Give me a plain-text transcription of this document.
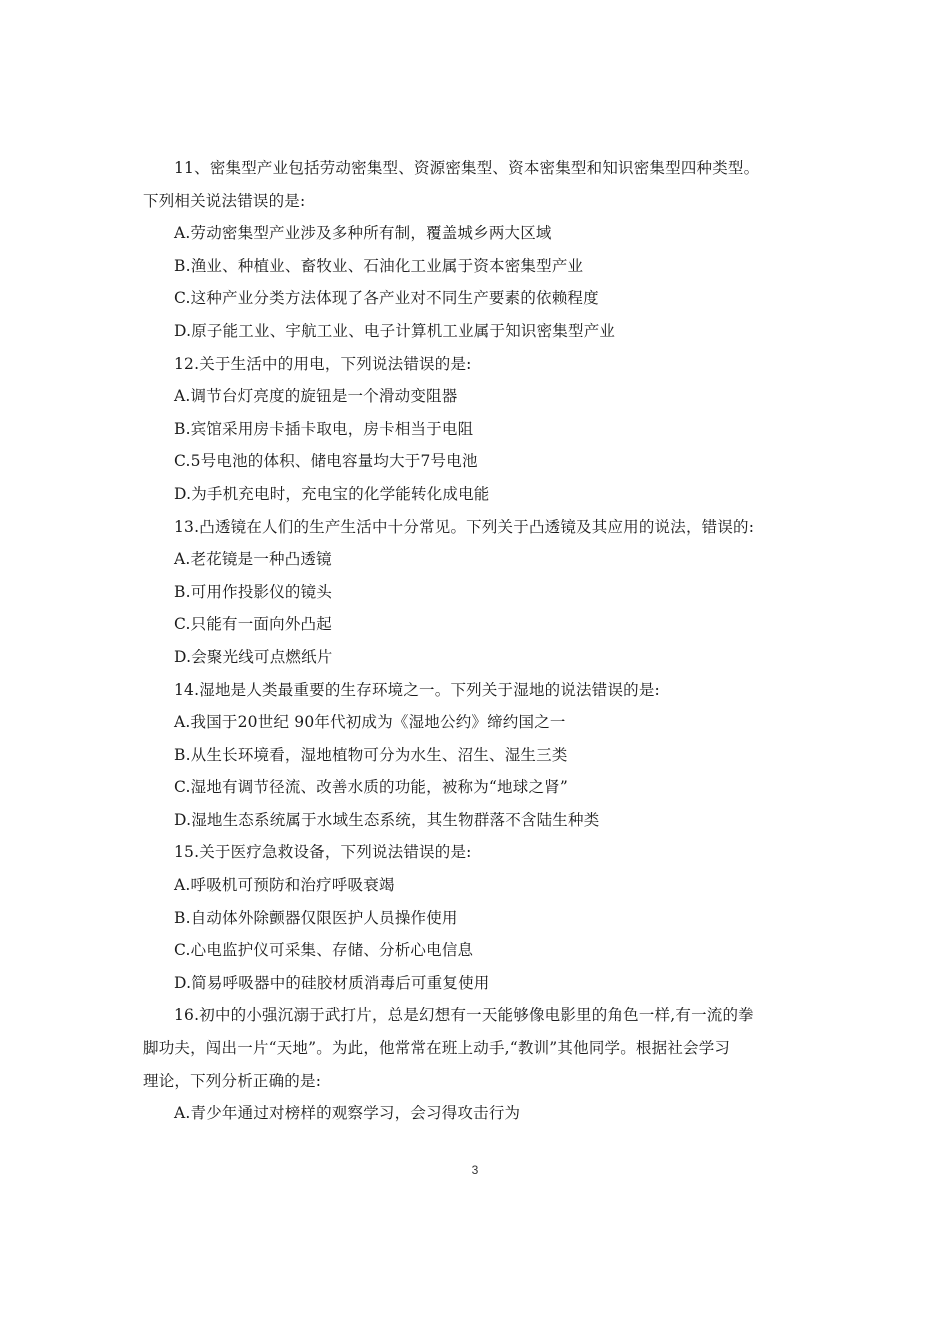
11、密集型产业包括劳动密集型、资源密集型、资本密集型和知识密集型四种类型。
下列相关说法错误的是:
A.劳动密集型产业涉及多种所有制，覆盖城乡两大区域
B.渔业、种植业、畜牧业、石油化工业属于资本密集型产业
C.这种产业分类方法体现了各产业对不同生产要素的依赖程度
D.原子能工业、宇航工业、电子计算机工业属于知识密集型产业
12.关于生活中的用电，下列说法错误的是:
A.调节台灯亮度的旋钮是一个滑动变阻器
B.宾馆采用房卡插卡取电，房卡相当于电阻
C.5号电池的体积、储电容量均大于7号电池
D.为手机充电时，充电宝的化学能转化成电能
13.凸透镜在人们的生产生活中十分常见。下列关于凸透镜及其应用的说法，错误的:
A.老花镜是一种凸透镜
B.可用作投影仪的镜头
C.只能有一面向外凸起
D.会聚光线可点燃纸片
14.湿地是人类最重要的生存环境之一。下列关于湿地的说法错误的是:
A.我国于20世纪 90年代初成为《湿地公约》缔约国之一
B.从生长环境看，湿地植物可分为水生、沼生、湿生三类
C.湿地有调节径流、改善水质的功能，被称为“地球之肾”
D.湿地生态系统属于水域生态系统，其生物群落不含陆生种类
15.关于医疗急救设备，下列说法错误的是:
A.呼吸机可预防和治疗呼吸衰竭
B.自动体外除颤器仅限医护人员操作使用
C.心电监护仪可采集、存储、分析心电信息
D.简易呼吸器中的硅胶材质消毒后可重复使用
16.初中的小强沉溺于武打片，总是幻想有一天能够像电影里的角色一样,有一流的拳
脚功夫，闯出一片“天地”。为此，他常常在班上动手,“教训”其他同学。根据社会学习
理论，下列分析正确的是:
A.青少年通过对榜样的观察学习，会习得攻击行为
3
